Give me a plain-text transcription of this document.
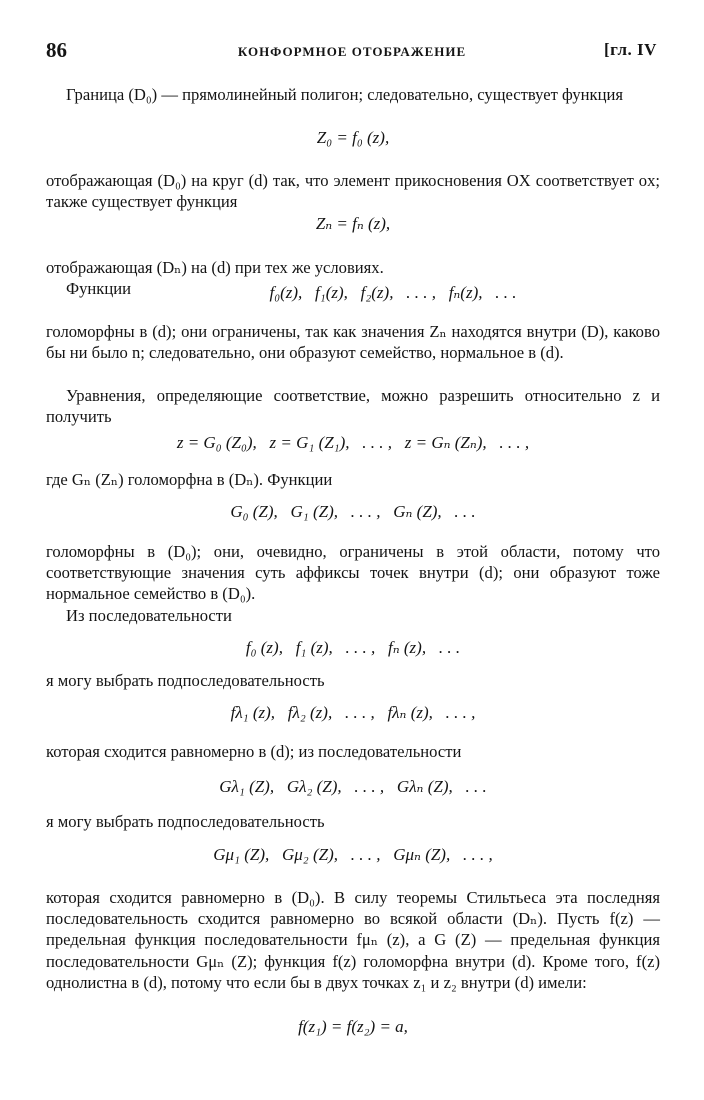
86	КОНФОРМНОЕ ОТОБРАЖЕНИЕ	[гл. IV

Граница (D₀) — прямолинейный полигон; следовательно, существует функция

Z₀ = f₀ (z),

отображающая (D₀) на круг (d) так, что элемент прикосновения OX соответствует ox; также существует функция

Zₙ = fₙ (z),

отображающая (Dₙ) на (d) при тех же условиях.

Функции	f₀(z),   f₁(z),   f₂(z),   . . . ,   fₙ(z),   . . .

голоморфны в (d); они ограничены, так как значения Zₙ находятся внутри (D), каково бы ни было n; следовательно, они образуют семейство, нормальное в (d).

Уравнения, определяющие соответствие, можно разрешить относительно z и получить

z = G₀ (Z₀),   z = G₁ (Z₁),   . . . ,   z = Gₙ (Zₙ),   . . . ,

где Gₙ (Zₙ) голоморфна в (Dₙ). Функции

G₀ (Z),   G₁ (Z),   . . . ,   Gₙ (Z),   . . .

голоморфны в (D₀); они, очевидно, ограничены в этой области, потому что соответствующие значения суть аффиксы точек внутри (d); они образуют тоже нормальное семейство в (D₀).

Из последовательности

f₀ (z),   f₁ (z),   . . . ,   fₙ (z),   . . .

я могу выбрать подпоследовательность

fλ₁ (z),   fλ₂ (z),   . . . ,   fλₙ (z),   . . . ,

которая сходится равномерно в (d); из последовательности

Gλ₁ (Z),   Gλ₂ (Z),   . . . ,   Gλₙ (Z),   . . .

я могу выбрать подпоследовательность

Gμ₁ (Z),   Gμ₂ (Z),   . . . ,   Gμₙ (Z),   . . . ,

которая сходится равномерно в (D₀). В силу теоремы Стильтьеса эта последняя последовательность сходится равномерно во всякой области (Dₙ). Пусть f(z) — предельная функция последовательности fμₙ (z), а G (Z) — предельная функция последовательности Gμₙ (Z); функция f(z) голоморфна внутри (d). Кроме того, f(z) однолистна в (d), потому что если бы в двух точках z₁ и z₂ внутри (d) имели:

f(z₁) = f(z₂) = a,
